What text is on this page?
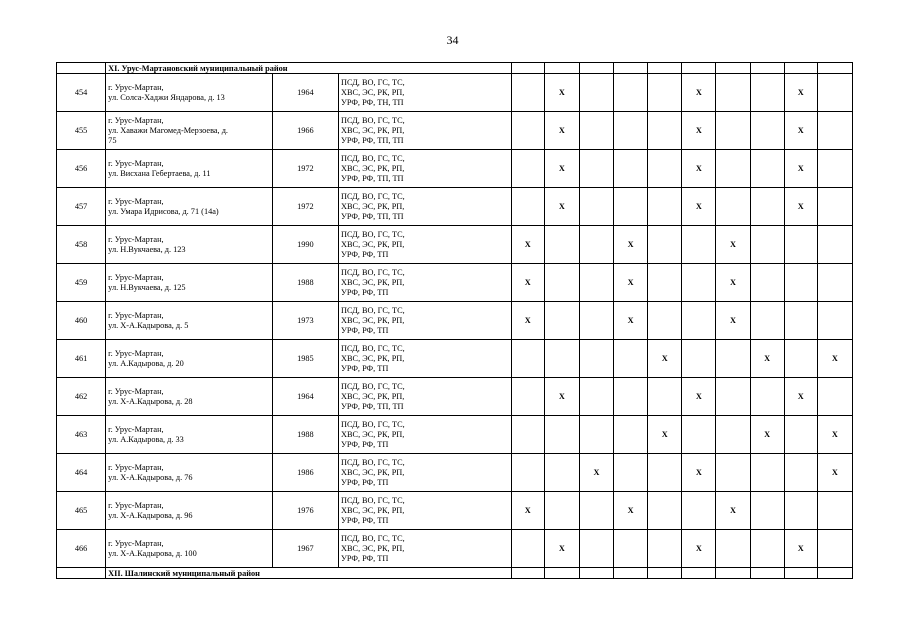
34
	XI. Урус-Мартановский муниципальный район												
454	г. Урус-Мартан,
ул. Солса-Хаджи Яндарова, д. 13	1964	ПСД, ВО, ГС, ТС,
ХВС, ЭС, РК, РП,
УРФ, РФ, ТН, ТП		X				X			X	
455	г. Урус-Мартан,
ул. Хаважи Магомед-Мерзоева, д.
75	1966	ПСД, ВО, ГС, ТС,
ХВС, ЭС, РК, РП,
УРФ, РФ, ТП, ТП		X				X			X	
456	г. Урус-Мартан,
ул. Висхана Гебертаева, д. 11	1972	ПСД, ВО, ГС, ТС,
ХВС, ЭС, РК, РП,
УРФ, РФ, ТП, ТП		X				X			X	
457	г. Урус-Мартан,
ул. Умара Идрисова, д. 71 (14а)	1972	ПСД, ВО, ГС, ТС,
ХВС, ЭС, РК, РП,
УРФ, РФ, ТП, ТП		X				X			X	
458	г. Урус-Мартан,
ул. Н.Вукчаева, д. 123	1990	ПСД, ВО, ГС, ТС,
ХВС, ЭС, РК, РП,
УРФ, РФ, ТП	X			X			X			
459	г. Урус-Мартан,
ул. Н.Вукчаева, д. 125	1988	ПСД, ВО, ГС, ТС,
ХВС, ЭС, РК, РП,
УРФ, РФ, ТП	X			X			X			
460	г. Урус-Мартан,
ул. Х-А.Кадырова, д. 5	1973	ПСД, ВО, ГС, ТС,
ХВС, ЭС, РК, РП,
УРФ, РФ, ТП	X			X			X			
461	г. Урус-Мартан,
ул. А.Кадырова, д. 20	1985	ПСД, ВО, ГС, ТС,
ХВС, ЭС, РК, РП,
УРФ, РФ, ТП					X			X		X
462	г. Урус-Мартан,
ул. Х-А.Кадырова, д. 28	1964	ПСД, ВО, ГС, ТС,
ХВС, ЭС, РК, РП,
УРФ, РФ, ТП, ТП		X				X			X	
463	г. Урус-Мартан,
ул. А.Кадырова, д. 33	1988	ПСД, ВО, ГС, ТС,
ХВС, ЭС, РК, РП,
УРФ, РФ, ТП					X			X		X
464	г. Урус-Мартан,
ул. Х-А.Кадырова, д. 76	1986	ПСД, ВО, ГС, ТС,
ХВС, ЭС, РК, РП,
УРФ, РФ, ТП			X			X				X
465	г. Урус-Мартан,
ул. Х-А.Кадырова, д. 96	1976	ПСД, ВО, ГС, ТС,
ХВС, ЭС, РК, РП,
УРФ, РФ, ТП	X			X			X			
466	г. Урус-Мартан,
ул. Х-А.Кадырова, д. 100	1967	ПСД, ВО, ГС, ТС,
ХВС, ЭС, РК, РП,
УРФ, РФ, ТП		X				X			X	
	XII. Шалинский муниципальный район												
